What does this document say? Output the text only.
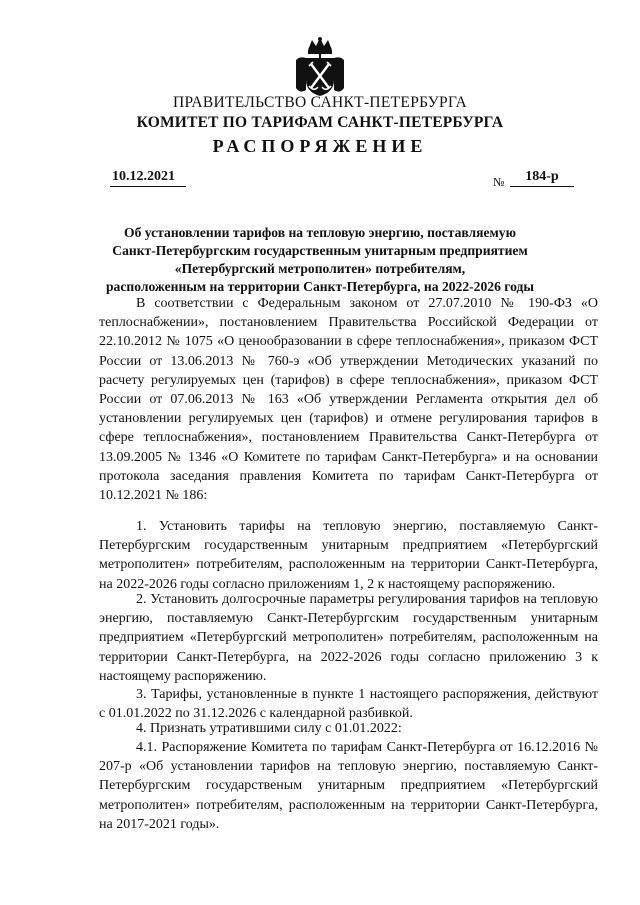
ПРАВИТЕЛЬСТВО САНКТ-ПЕТЕРБУРГА
КОМИТЕТ ПО ТАРИФАМ САНКТ-ПЕТЕРБУРГА
РАСПОРЯЖЕНИЕ
10.12.2021	№	184-р
Об установлении тарифов на тепловую энергию, поставляемую
Санкт-Петербургским государственным унитарным предприятием
«Петербургский метрополитен» потребителям,
расположенным на территории Санкт-Петербурга, на 2022-2026 годы
В соответствии с Федеральным законом от 27.07.2010 № 190-ФЗ «О теплоснабжении», постановлением Правительства Российской Федерации от 22.10.2012 № 1075 «О ценообразовании в сфере теплоснабжения», приказом ФСТ России от 13.06.2013 № 760-э «Об утверждении Методических указаний по расчету регулируемых цен (тарифов) в сфере теплоснабжения», приказом ФСТ России от 07.06.2013 № 163 «Об утверждении Регламента открытия дел об установлении регулируемых цен (тарифов) и отмене регулирования тарифов в сфере теплоснабжения», постановлением Правительства Санкт-Петербурга от 13.09.2005 № 1346 «О Комитете по тарифам Санкт-Петербурга» и на основании протокола заседания правления Комитета по тарифам Санкт-Петербурга от 10.12.2021 № 186:
1. Установить тарифы на тепловую энергию, поставляемую Санкт-Петербургским государственным унитарным предприятием «Петербургский метрополитен» потребителям, расположенным на территории Санкт-Петербурга, на 2022-2026 годы согласно приложениям 1, 2 к настоящему распоряжению.
2. Установить долгосрочные параметры регулирования тарифов на тепловую энергию, поставляемую Санкт-Петербургским государственным унитарным предприятием «Петербургский метрополитен» потребителям, расположенным на территории Санкт-Петербурга, на 2022-2026 годы согласно приложению 3 к настоящему распоряжению.
3. Тарифы, установленные в пункте 1 настоящего распоряжения, действуют с 01.01.2022 по 31.12.2026 с календарной разбивкой.
4. Признать утратившими силу с 01.01.2022:
4.1. Распоряжение Комитета по тарифам Санкт-Петербурга от 16.12.2016 № 207-р «Об установлении тарифов на тепловую энергию, поставляемую Санкт-Петербургским государственым унитарным предприятием «Петербургский метрополитен» потребителям, расположенным на территории Санкт-Петербурга, на 2017-2021 годы».
